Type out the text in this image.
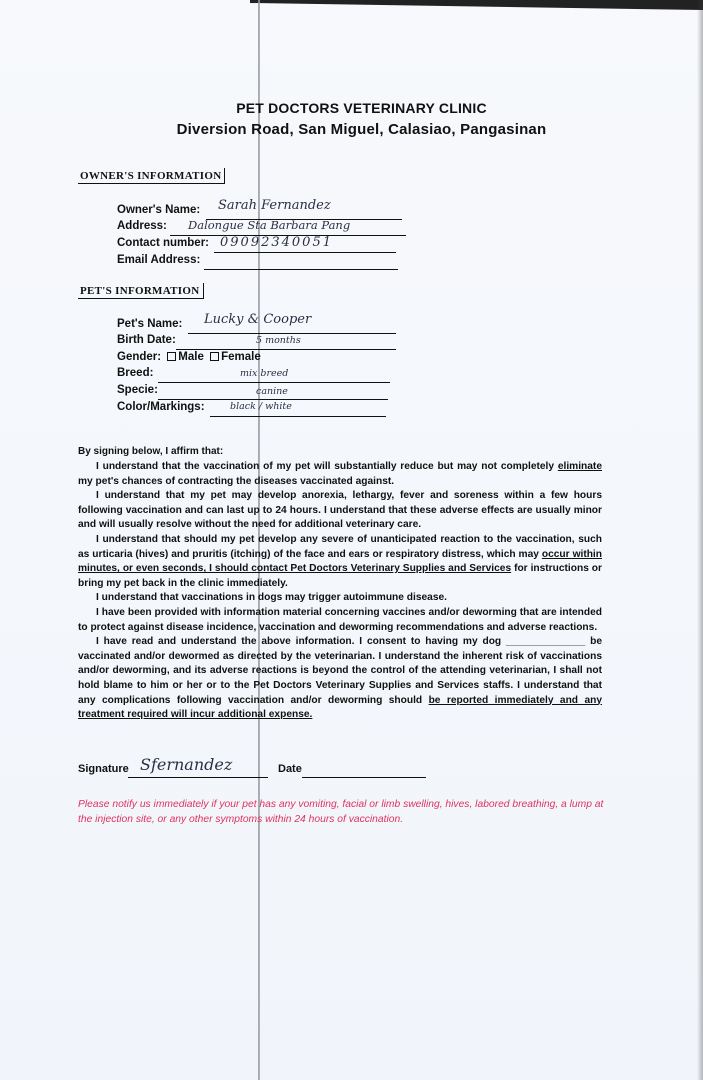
PET DOCTORS VETERINARY CLINIC
Diversion Road, San Miguel, Calasiao, Pangasinan
OWNER'S INFORMATION
Owner's Name: Sarah Fernandez
Address: Dalongue Sta Barbara Pang
Contact number: 09092340051
Email Address:
PET'S INFORMATION
Pet's Name: Lucky & Cooper
Birth Date:	5 months
Gender: Male Female
Breed:	mix breed
Specie:	canine
Color/Markings:	black / white
By signing below, I affirm that:

I understand that the vaccination of my pet will substantially reduce but may not completely eliminate my pet's chances of contracting the diseases vaccinated against.

I understand that my pet may develop anorexia, lethargy, fever and soreness within a few hours following vaccination and can last up to 24 hours. I understand that these adverse effects are usually minor and will usually resolve without the need for additional veterinary care.

I understand that should my pet develop any severe of unanticipated reaction to the vaccination, such as urticaria (hives) and pruritis (itching) of the face and ears or respiratory distress, which may occur within minutes, or even seconds, I should contact Pet Doctors Veterinary Supplies and Services for instructions or bring my pet back in the clinic immediately.

I understand that vaccinations in dogs may trigger autoimmune disease.

I have been provided with information material concerning vaccines and/or deworming that are intended to protect against disease incidence, vaccination and deworming recommendations and adverse reactions.

I have read and understand the above information. I consent to having my dog ______________ be vaccinated and/or dewormed as directed by the veterinarian. I understand the inherent risk of vaccinations and/or deworming, and its adverse reactions is beyond the control of the attending veterinarian, I shall not hold blame to him or her or to the Pet Doctors Veterinary Supplies and Services staffs. I understand that any complications following vaccination and/or deworming should be reported immediately and any treatment required will incur additional expense.

Signature Sfernandez	Date
Please notify us immediately if your pet has any vomiting, facial or limb swelling, hives, labored breathing, a lump at the injection site, or any other symptoms within 24 hours of vaccination.
